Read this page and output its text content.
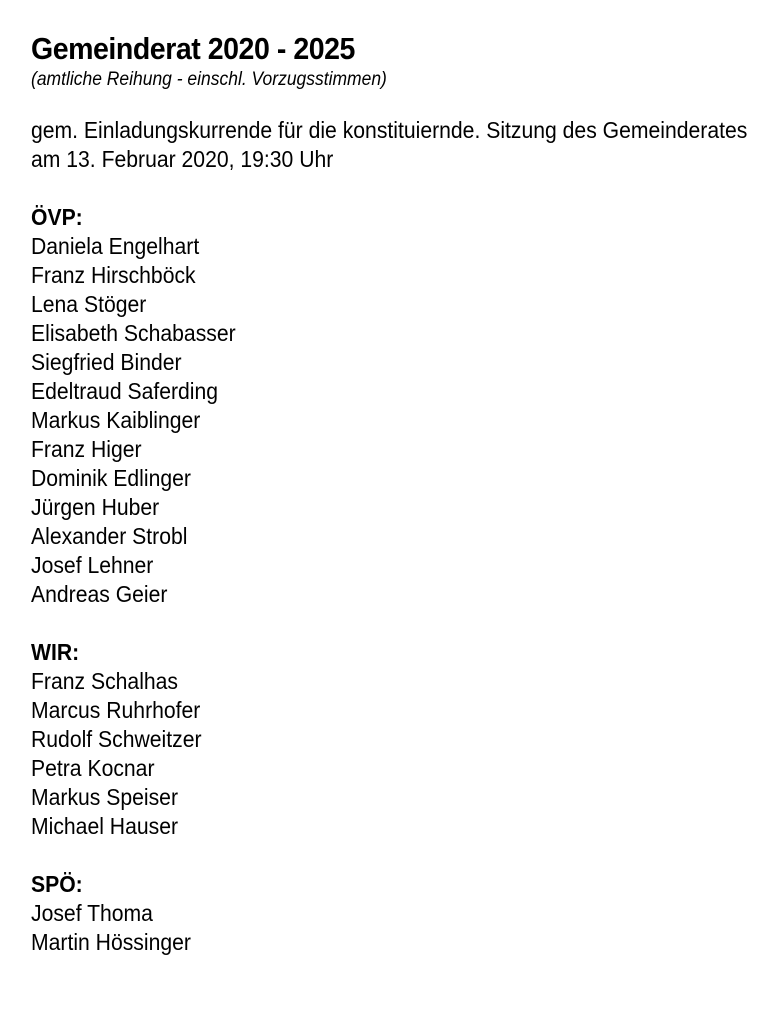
Gemeinderat 2020 - 2025

(amtliche Reihung - einschl. Vorzugsstimmen)

gem. Einladungskurrende für die konstituiernde. Sitzung des Gemeinderates
am 13. Februar 2020, 19:30 Uhr
ÖVP:
Daniela Engelhart
Franz Hirschböck
Lena Stöger
Elisabeth Schabasser
Siegfried Binder
Edeltraud Saferding
Markus Kaiblinger
Franz Higer
Dominik Edlinger
Jürgen Huber
Alexander Strobl
Josef Lehner
Andreas Geier
WIR:
Franz Schalhas
Marcus Ruhrhofer
Rudolf Schweitzer
Petra Kocnar
Markus Speiser
Michael Hauser
SPÖ:
Josef Thoma
Martin Hössinger
